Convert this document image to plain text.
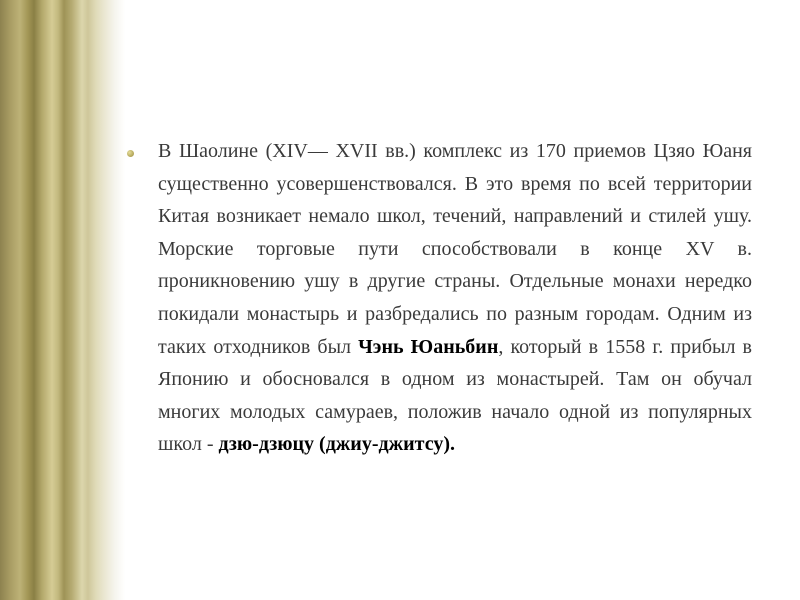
В Шаолине (XIV— XVII вв.) комплекс из 170 приемов Цзяо Юаня существенно усовершенствовался. В это время по всей территории Китая возникает немало школ, течений, направлений и стилей ушу. Морские торговые пути способствовали в конце XV в. проникновению ушу в другие страны. Отдельные монахи нередко покидали монастырь и разбредались по разным городам. Одним из таких отходников был Чэнь Юаньбин, который в 1558 г. прибыл в Японию и обосновался в одном из монастырей. Там он обучал многих молодых самураев, положив начало одной из популярных школ - дзю-дзюцу (джиу-джитсу).
